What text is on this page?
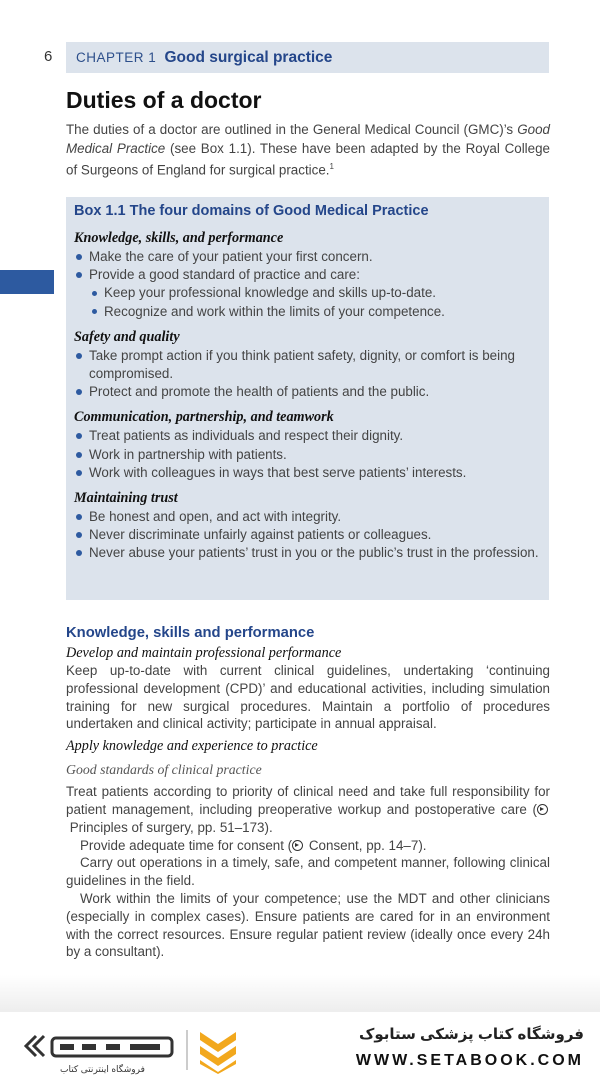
6	CHAPTER 1 Good surgical practice
Duties of a doctor

The duties of a doctor are outlined in the General Medical Council (GMC)’s Good Medical Practice (see Box 1.1). These have been adapted by the Royal College of Surgeons of England for surgical practice.$^1$

Box 1.1 The four domains of Good Medical Practice
Knowledge, skills, and performance
Make the care of your patient your first concern.
Provide a good standard of practice and care:
Keep your professional knowledge and skills up-to-date.
Recognize and work within the limits of your competence.
Safety and quality
Take prompt action if you think patient safety, dignity, or comfort is being compromised.
Protect and promote the health of patients and the public.
Communication, partnership, and teamwork
Treat patients as individuals and respect their dignity.
Work in partnership with patients.
Work with colleagues in ways that best serve patients’ interests.
Maintaining trust
Be honest and open, and act with integrity.
Never discriminate unfairly against patients or colleagues.
Never abuse your patients’ trust in you or the public’s trust in the profession.
Knowledge, skills and performance
Develop and maintain professional performance

Keep up-to-date with current clinical guidelines, undertaking ‘continuing professional development (CPD)’ and educational activities, including simulation training for new surgical procedures. Maintain a portfolio of procedures undertaken and clinical activity; participate in annual appraisal.

Apply knowledge and experience to practice
Good standards of clinical practice

Treat patients according to priority of clinical need and take full responsibility for patient management, including preoperative workup and postoperative care ( Principles of surgery, pp. 51–173).

Provide adequate time for consent ( Consent, pp. 14–7).

Carry out operations in a timely, safe, and competent manner, following clinical guidelines in the field.

Work within the limits of your competence; use the MDT and other clinicians (especially in complex cases). Ensure patients are cared for in an environment with the correct resources. Ensure regular patient review (ideally once every 24h by a consultant).

فروشگاه اینترنتی کتاب
فروشگاه کتاب پزشکی ستابوک
WWW.SETABOOK.COM
